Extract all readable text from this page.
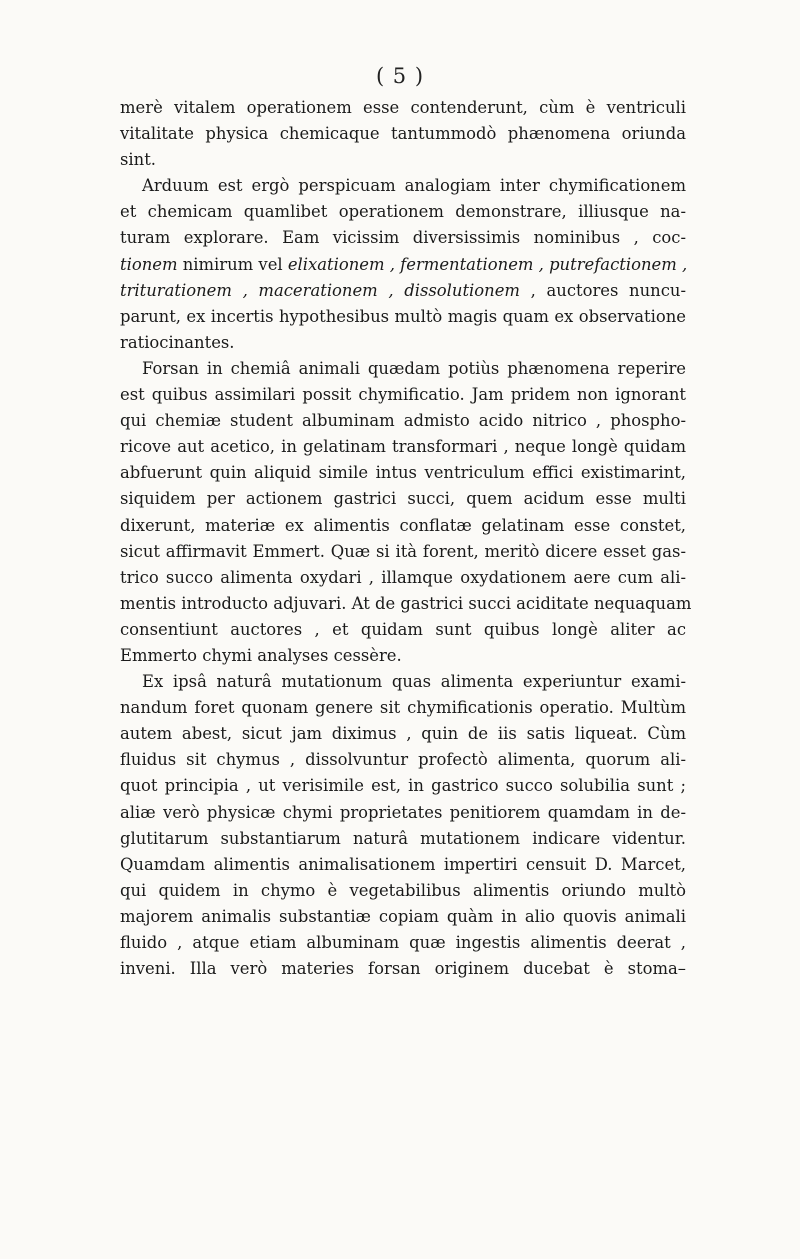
( 5 )
merè vitalem operationem esse contenderunt, cùm è ventriculi
vitalitate physica chemicaque tantummodò phænomena oriunda
sint.
Arduum est ergò perspicuam analogiam inter chymificationem
et chemicam quamlibet operationem demonstrare, illiusque na-
turam explorare. Eam vicissim diversissimis nominibus , coc-
tionem nimirum vel elixationem , fermentationem , putrefactionem ,
triturationem , macerationem , dissolutionem , auctores nuncu-
parunt, ex incertis hypothesibus multò magis quam ex observatione
ratiocinantes.
Forsan in chemiâ animali quædam potiùs phænomena reperire
est quibus assimilari possit chymificatio. Jam pridem non ignorant
qui chemiæ student albuminam admisto acido nitrico , phospho-
ricove aut acetico, in gelatinam transformari , neque longè quidam
abfuerunt quin aliquid simile intus ventriculum effici existimarint,
siquidem per actionem gastrici succi, quem acidum esse multi
dixerunt, materiæ ex alimentis conflatæ gelatinam esse constet,
sicut affirmavit Emmert. Quæ si ità forent, meritò dicere esset gas-
trico succo alimenta oxydari , illamque oxydationem aere cum ali-
mentis introducto adjuvari. At de gastrici succi aciditate nequaquam
consentiunt auctores , et quidam sunt quibus longè aliter ac
Emmerto chymi analyses cessère.
Ex ipsâ naturâ mutationum quas alimenta experiuntur exami-
nandum foret quonam genere sit chymificationis operatio. Multùm
autem abest, sicut jam diximus , quin de iis satis liqueat. Cùm
fluidus sit chymus , dissolvuntur profectò alimenta, quorum ali-
quot principia , ut verisimile est, in gastrico succo solubilia sunt ;
aliæ verò physicæ chymi proprietates penitiorem quamdam in de-
glutitarum substantiarum naturâ mutationem indicare videntur.
Quamdam alimentis animalisationem impertiri censuit D. Marcet,
qui quidem in chymo è vegetabilibus alimentis oriundo multò
majorem animalis substantiæ copiam quàm in alio quovis animali
fluido , atque etiam albuminam quæ ingestis alimentis deerat ,
inveni. Illa verò materies forsan originem ducebat è stoma–
